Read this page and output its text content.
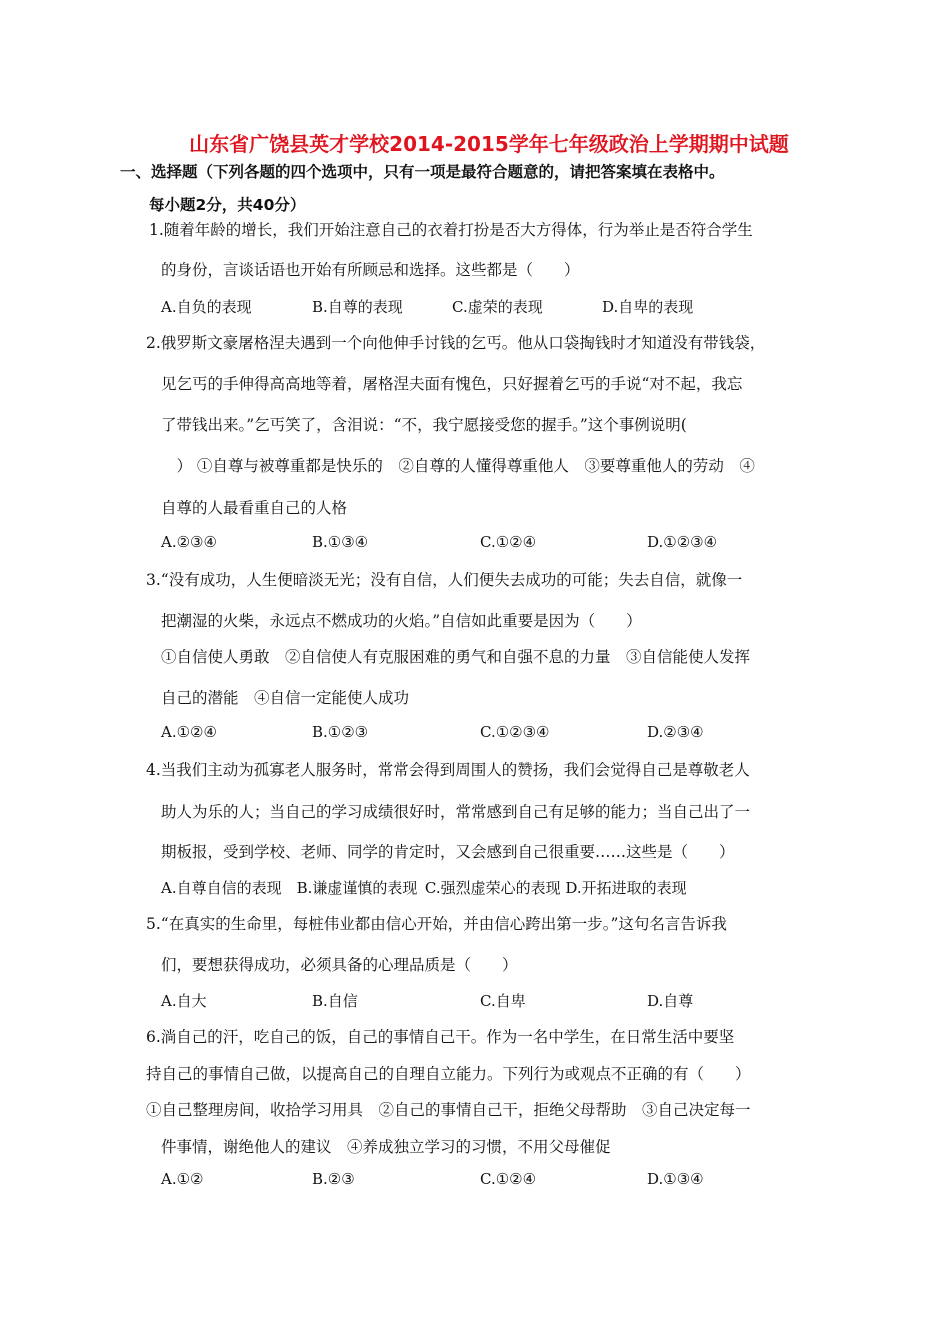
山东省广饶县英才学校2014-2015学年七年级政治上学期期中试题
一、选择题（下列各题的四个选项中，只有一项是最符合题意的，请把答案填在表格中。
每小题2分，共40分）
1.随着年龄的增长，我们开始注意自己的衣着打扮是否大方得体，行为举止是否符合学生
的身份，言谈话语也开始有所顾忌和选择。这些都是（　　）
A.自负的表现	B.自尊的表现	C.虚荣的表现	D.自卑的表现
2.俄罗斯文豪屠格涅夫遇到一个向他伸手讨钱的乞丐。他从口袋掏钱时才知道没有带钱袋，
见乞丐的手伸得高高地等着，屠格涅夫面有愧色，只好握着乞丐的手说“对不起，我忘
了带钱出来。”乞丐笑了，含泪说：“不，我宁愿接受您的握手。”这个事例说明(
　） ①自尊与被尊重都是快乐的　②自尊的人懂得尊重他人　③要尊重他人的劳动　④
自尊的人最看重自己的人格
A.②③④	B.①③④	C.①②④	D.①②③④
3.“没有成功，人生便暗淡无光；没有自信，人们便失去成功的可能；失去自信，就像一
把潮湿的火柴，永远点不燃成功的火焰。”自信如此重要是因为（　　）
①自信使人勇敢　②自信使人有克服困难的勇气和自强不息的力量　③自信能使人发挥
自己的潜能　④自信一定能使人成功
A.①②④	B.①②③	C.①②③④	D.②③④
4.当我们主动为孤寡老人服务时，常常会得到周围人的赞扬，我们会觉得自己是尊敬老人
助人为乐的人；当自己的学习成绩很好时，常常感到自己有足够的能力；当自己出了一
期板报，受到学校、老师、同学的肯定时，又会感到自己很重要……这些是（　　）
A.自尊自信的表现　B.谦虚谨慎的表现 C.强烈虚荣心的表现 D.开拓进取的表现
5.“在真实的生命里，每桩伟业都由信心开始，并由信心跨出第一步。”这句名言告诉我
们，要想获得成功，必须具备的心理品质是（　　）
A.自大	B.自信	C.自卑	D.自尊
6.淌自己的汗，吃自己的饭，自己的事情自己干。作为一名中学生，在日常生活中要坚
持自己的事情自己做，以提高自己的自理自立能力。下列行为或观点不正确的有（　　）
①自己整理房间，收拾学习用具　②自己的事情自己干，拒绝父母帮助　③自己决定每一
件事情，谢绝他人的建议　④养成独立学习的习惯，不用父母催促
A.①②	B.②③	C.①②④	D.①③④
